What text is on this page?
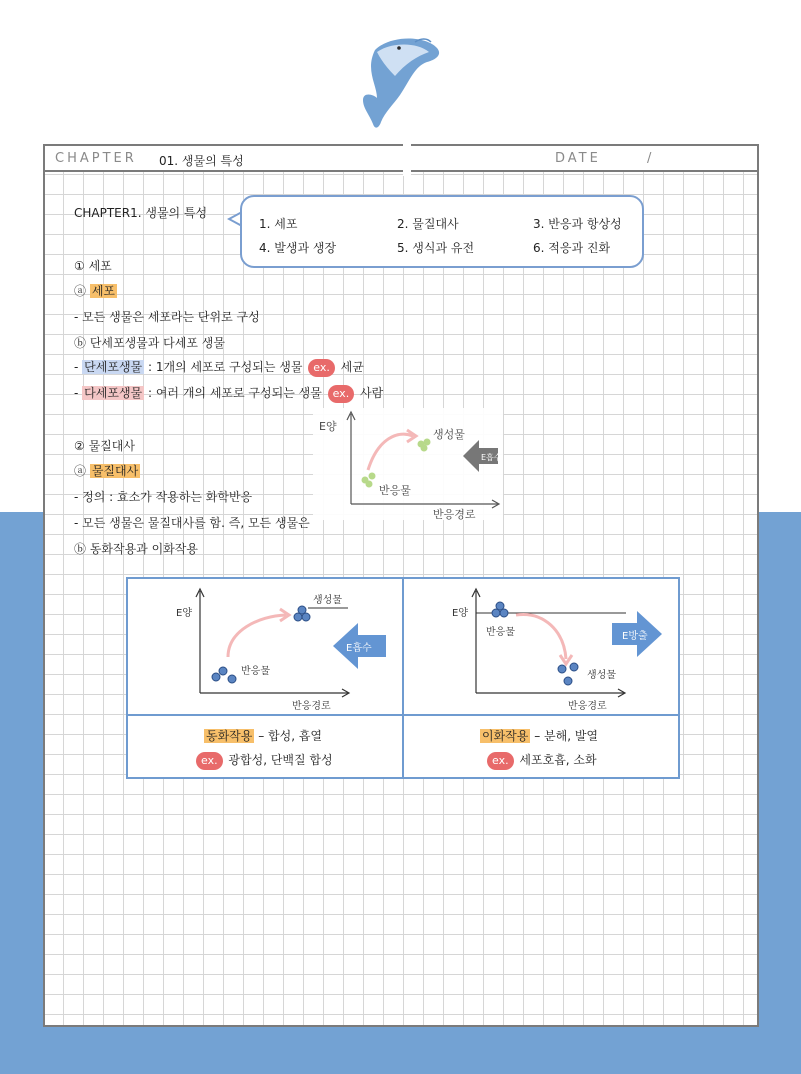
CHAPTER 01. 생물의 특성	DATE	/
CHAPTER1. 생물의 특성
1. 세포	2. 물질대사	3. 반응과 항상성
4. 발생과 생장	5. 생식과 유전	6. 적응과 진화
① 세포
ⓐ 세포
- 모든 생물은 세포라는 단위로 구성
ⓑ 단세포생물과 다세포 생물
- 단세포생물 : 1개의 세포로 구성되는 생물 ex. 세균
- 다세포생물 : 여러 개의 세포로 구성되는 생물 ex. 사람
② 물질대사
ⓐ 물질대사
- 정의 : 효소가 작용하는 화학반응
- 모든 생물은 물질대사를 함. 즉, 모든 생물은
ⓑ 동화작용과 이화작용
E흡수
E양
생성물
반응물
반응경로
E흡수
E양
생성물
반응물
반응경로
E방출
E양
반응물
생성물
반응경로
동화작용 – 합성, 흡열
ex. 광합성, 단백질 합성
이화작용 – 분해, 발열
ex. 세포호흡, 소화
